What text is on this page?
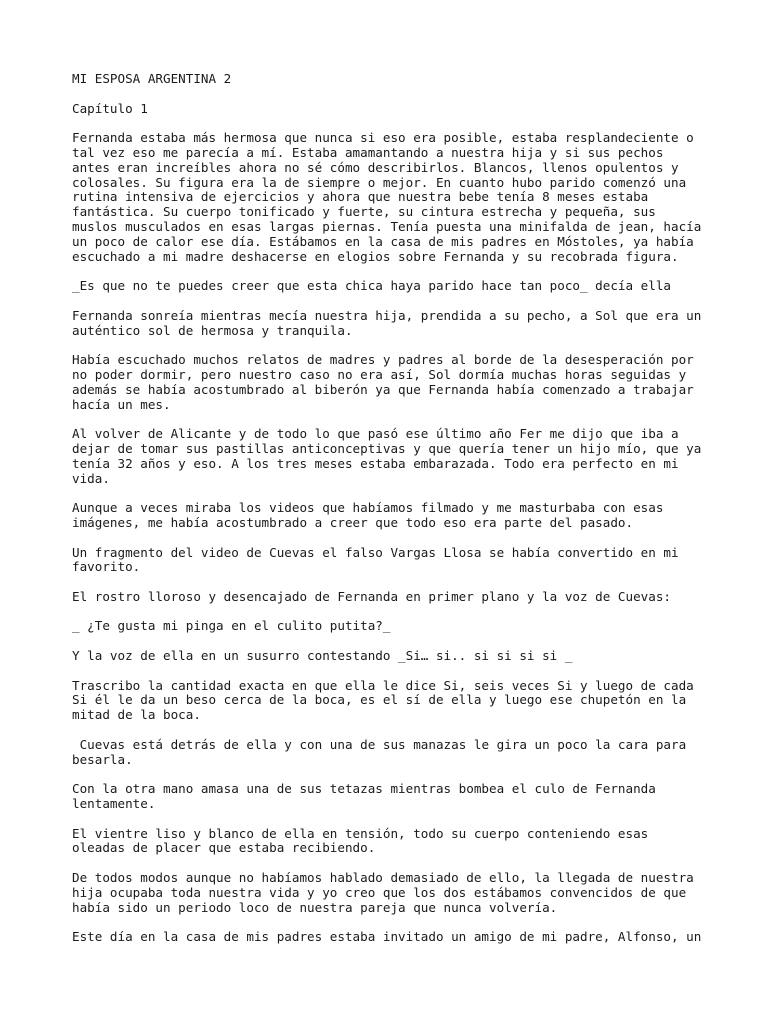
MI ESPOSA ARGENTINA 2

Capítulo 1

Fernanda estaba más hermosa que nunca si eso era posible, estaba resplandeciente o
tal vez eso me parecía a mí. Estaba amamantando a nuestra hija y si sus pechos
antes eran increíbles ahora no sé cómo describirlos. Blancos, llenos opulentos y
colosales. Su figura era la de siempre o mejor. En cuanto hubo parido comenzó una
rutina intensiva de ejercicios y ahora que nuestra bebe tenía 8 meses estaba
fantástica. Su cuerpo tonificado y fuerte, su cintura estrecha y pequeña, sus
muslos musculados en esas largas piernas. Tenía puesta una minifalda de jean, hacía
un poco de calor ese día. Estábamos en la casa de mis padres en Móstoles, ya había
escuchado a mi madre deshacerse en elogios sobre Fernanda y su recobrada figura.

_Es que no te puedes creer que esta chica haya parido hace tan poco_ decía ella

Fernanda sonreía mientras mecía nuestra hija, prendida a su pecho, a Sol que era un
auténtico sol de hermosa y tranquila.

Había escuchado muchos relatos de madres y padres al borde de la desesperación por
no poder dormir, pero nuestro caso no era así, Sol dormía muchas horas seguidas y
además se había acostumbrado al biberón ya que Fernanda había comenzado a trabajar
hacía un mes.

Al volver de Alicante y de todo lo que pasó ese último año Fer me dijo que iba a
dejar de tomar sus pastillas anticonceptivas y que quería tener un hijo mío, que ya
tenía 32 años y eso. A los tres meses estaba embarazada. Todo era perfecto en mi
vida.

Aunque a veces miraba los videos que habíamos filmado y me masturbaba con esas
imágenes, me había acostumbrado a creer que todo eso era parte del pasado.

Un fragmento del video de Cuevas el falso Vargas Llosa se había convertido en mi
favorito.

El rostro lloroso y desencajado de Fernanda en primer plano y la voz de Cuevas:

_ ¿Te gusta mi pinga en el culito putita?_

Y la voz de ella en un susurro contestando _Si… si.. si si si si _

Trascribo la cantidad exacta en que ella le dice Si, seis veces Si y luego de cada
Si él le da un beso cerca de la boca, es el sí de ella y luego ese chupetón en la
mitad de la boca.

Cuevas está detrás de ella y con una de sus manazas le gira un poco la cara para
besarla.

Con la otra mano amasa una de sus tetazas mientras bombea el culo de Fernanda
lentamente.

El vientre liso y blanco de ella en tensión, todo su cuerpo conteniendo esas
oleadas de placer que estaba recibiendo.

De todos modos aunque no habíamos hablado demasiado de ello, la llegada de nuestra
hija ocupaba toda nuestra vida y yo creo que los dos estábamos convencidos de que
había sido un periodo loco de nuestra pareja que nunca volvería.

Este día en la casa de mis padres estaba invitado un amigo de mi padre, Alfonso, un
